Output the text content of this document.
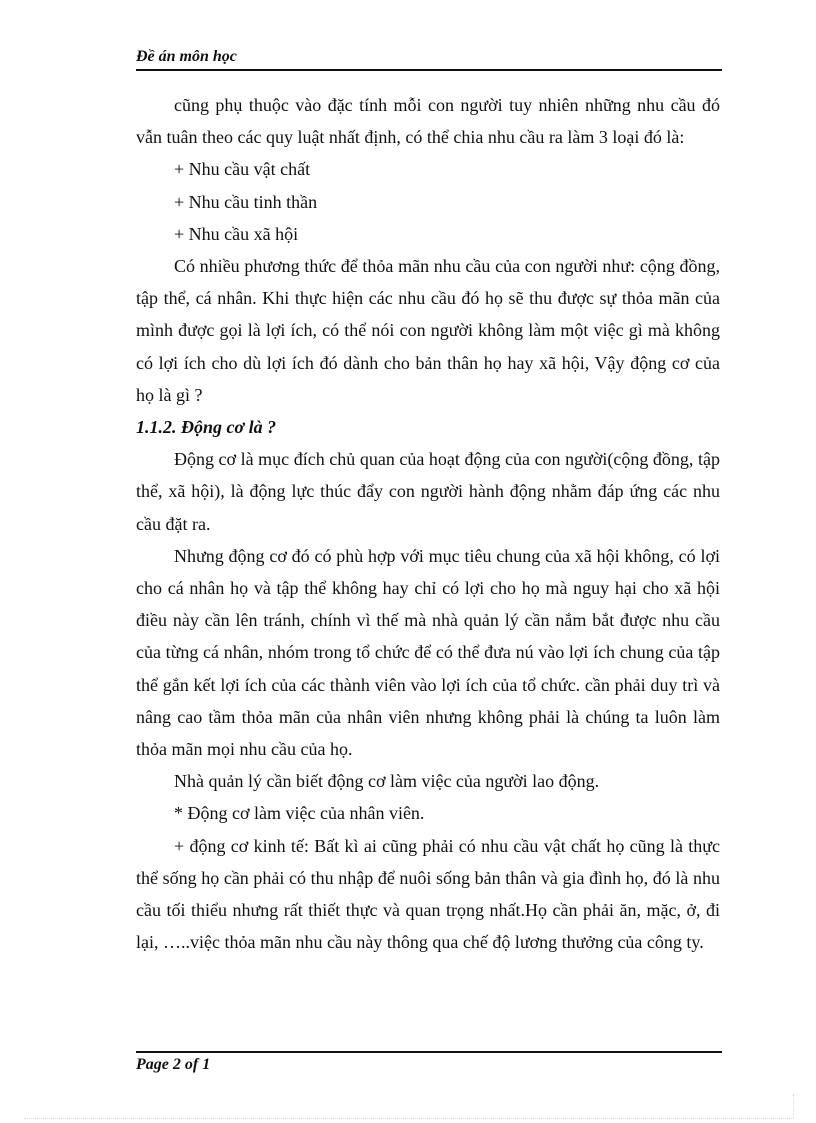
Đề án môn học

cũng phụ thuộc vào đặc tính mỗi con người tuy nhiên những nhu cầu đó vẫn tuân theo các quy luật nhất định, có thể chia nhu cầu ra làm 3 loại đó là:

+ Nhu cầu vật chất

+ Nhu cầu tinh thần

+ Nhu cầu xã hội

Có nhiều phương thức để thỏa mãn nhu cầu của con người như: cộng đồng, tập thể, cá nhân. Khi thực hiện các nhu cầu đó họ sẽ thu được sự thỏa mãn của mình được gọi là lợi ích, có thể nói con người không làm một việc gì mà không có lợi ích cho dù lợi ích đó dành cho bản thân họ hay xã hội, Vậy động cơ của họ là gì ?

1.1.2. Động cơ là ?

Động cơ là mục đích chủ quan của hoạt động của con người(cộng đồng, tập thể, xã hội), là động lực thúc đẩy con người hành động nhằm đáp ứng các nhu cầu đặt ra.

Nhưng động cơ đó có phù hợp với mục tiêu chung của xã hội không, có lợi cho cá nhân họ và tập thể không hay chỉ có lợi cho họ mà nguy hại cho xã hội điều này cần lên tránh, chính vì thế mà nhà quản lý cần nắm bắt được nhu cầu của từng cá nhân, nhóm trong tổ chức để có thể đưa nú vào lợi ích chung của tập thể gắn kết lợi ích của các thành viên vào lợi ích của tổ chức. cần phải duy trì và nâng cao tầm thỏa mãn của nhân viên nhưng không phải là chúng ta luôn làm thỏa mãn mọi nhu cầu của họ.

Nhà quản lý cần biết động cơ làm việc của người lao động.

* Động cơ làm việc của nhân viên.

+ động cơ kinh tế: Bất kì ai cũng phải có nhu cầu vật chất họ cũng là thực thể sống họ cần phải có thu nhập để nuôi sống bản thân và gia đình họ, đó là nhu cầu tối thiểu nhưng rất thiết thực và quan trọng nhất.Họ cần phải ăn, mặc, ở, đi lại, …..việc thỏa mãn nhu cầu này thông qua chế độ lương thưởng của công ty.

Page 2 of 1
